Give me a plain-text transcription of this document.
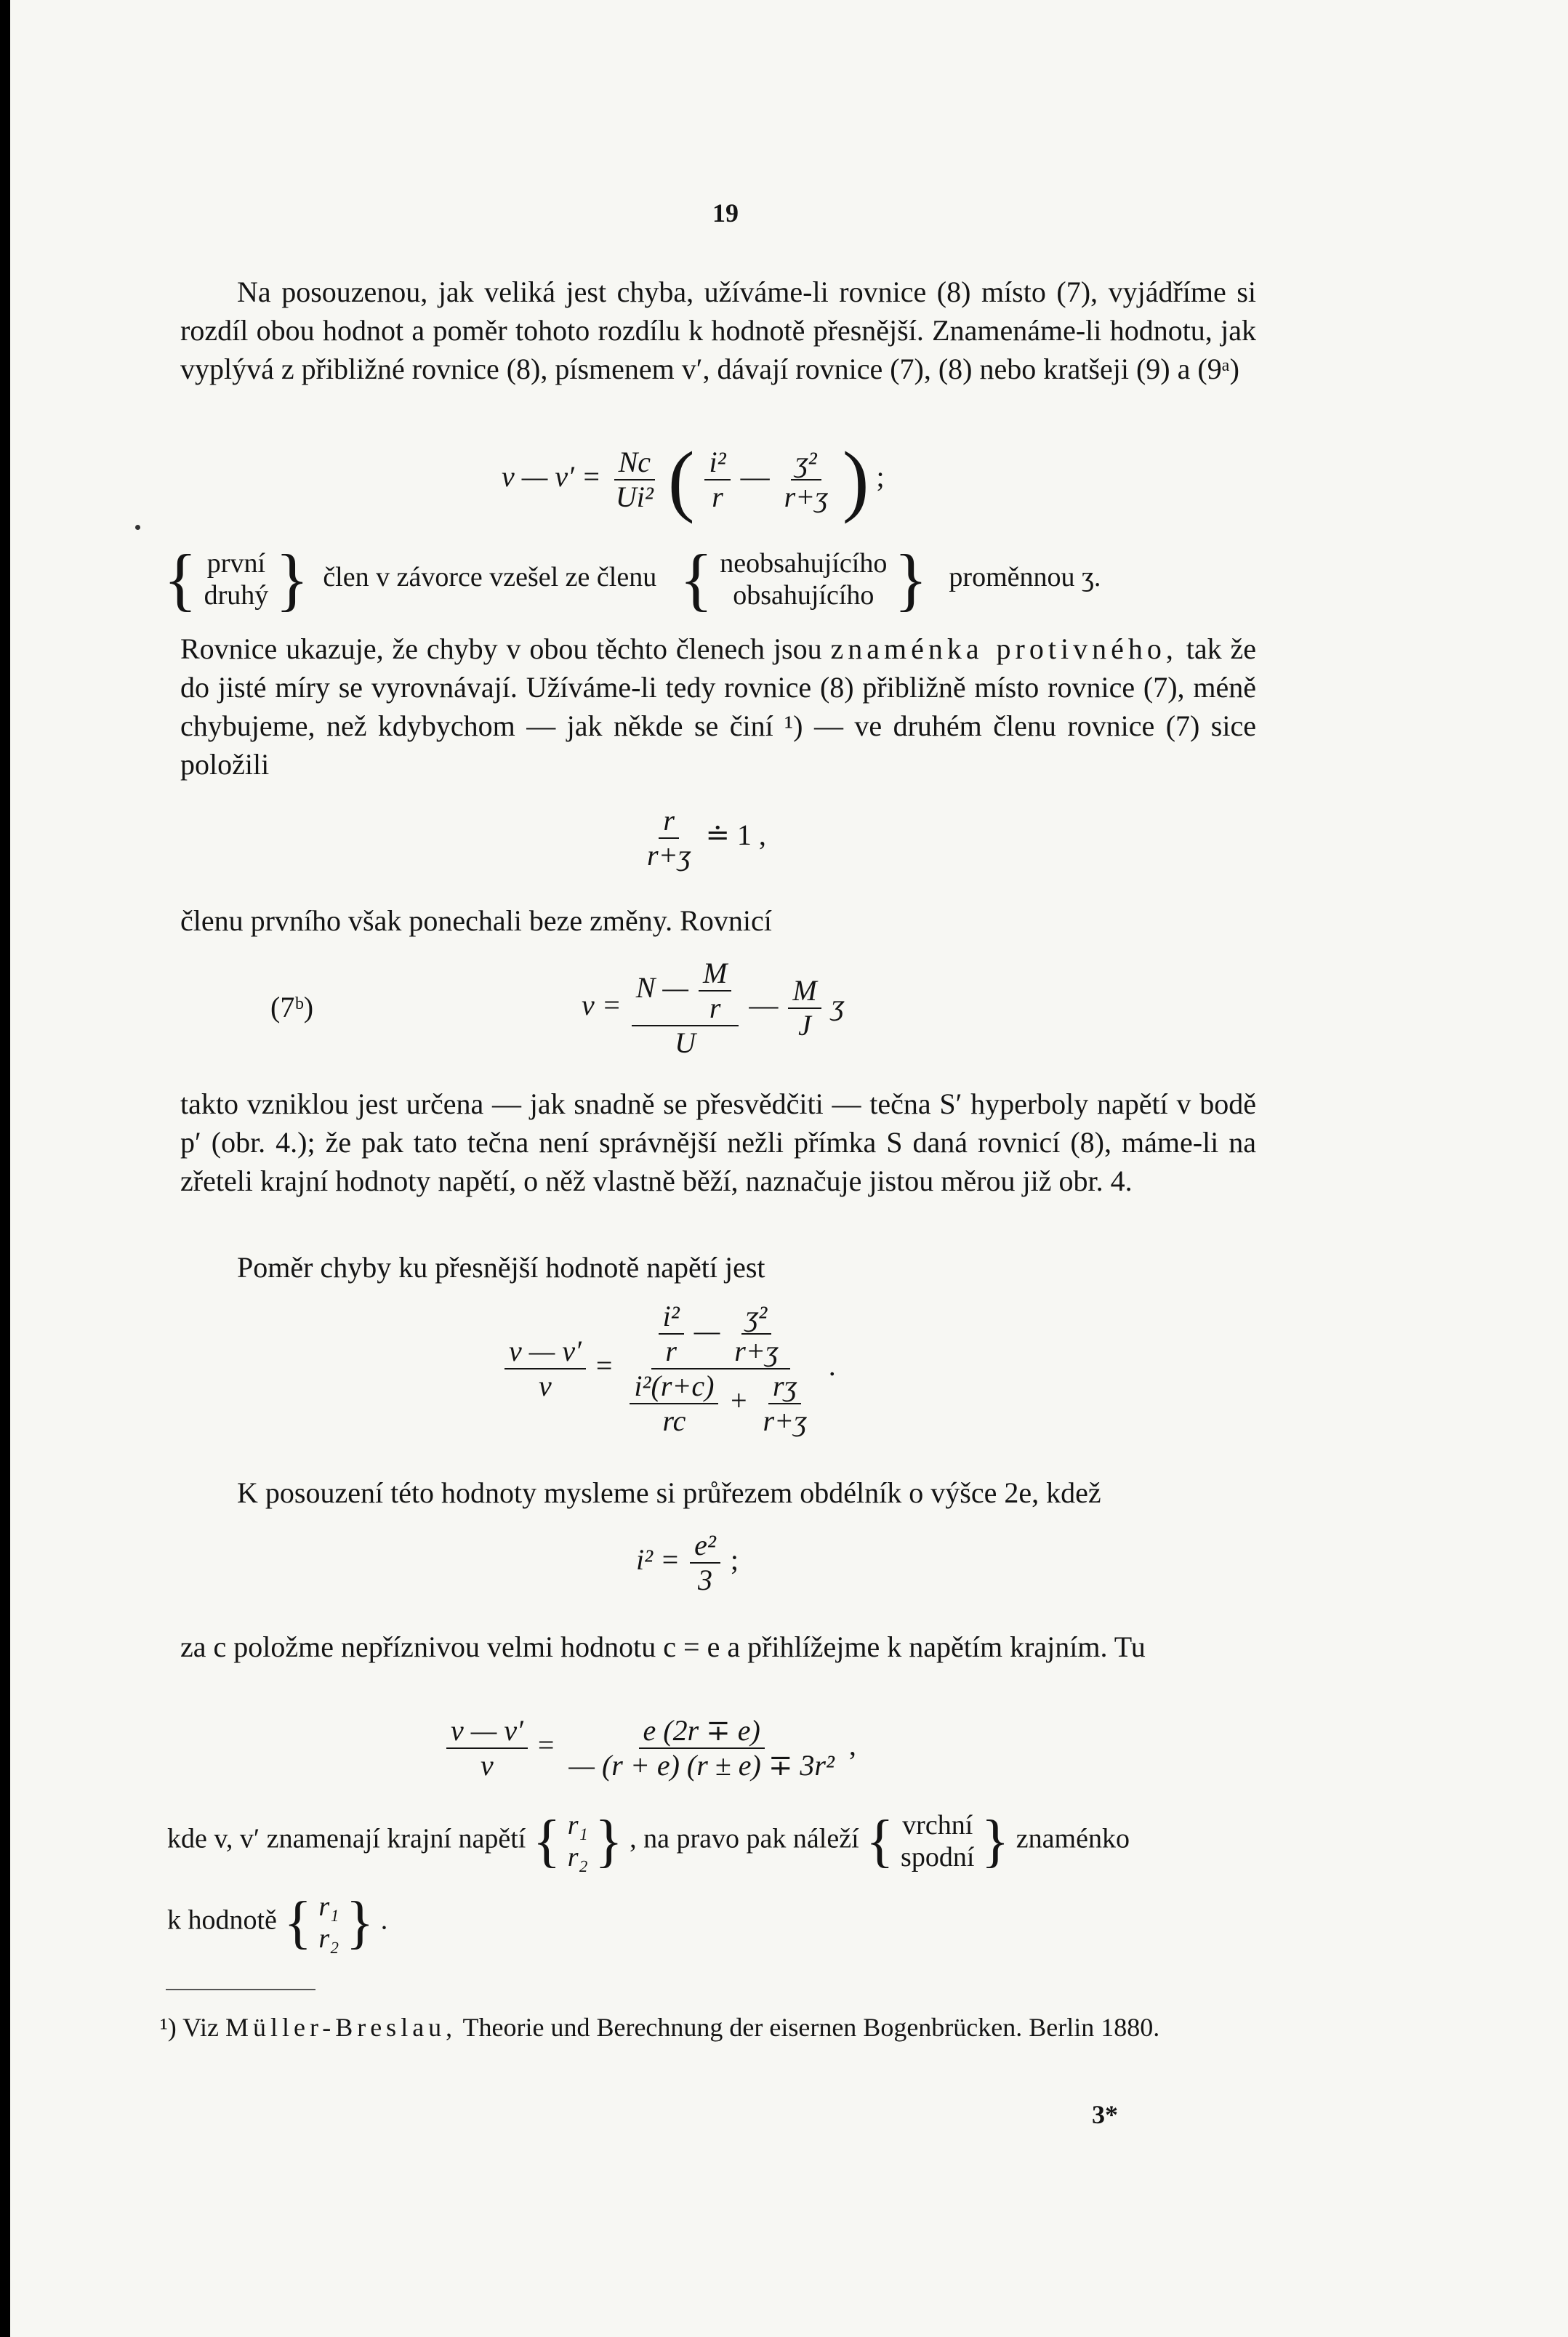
19
Na posouzenou, jak veliká jest chyba, užíváme-li rovnice (8) místo (7), vyjádříme si rozdíl obou hodnot a poměr tohoto rozdílu k hodnotě přesnější. Znamenáme-li hodnotu, jak vyplývá z přibližné rovnice (8), písmenem v′, dávají rovnice (7), (8) nebo kratšeji (9) a (9ᵃ)
v — $v' = \frac{Nc}{\text{Ui²}}$ ( $\frac{\text{i²}}{r}$ — $\frac{\text{ʒ²}}{\text{r+ʒ}}$ ) ;
{ první
druhý } člen v závorce vzešel ze členu { neobsahujícího
obsahujícího } proměnnou ʒ.
Rovnice ukazuje, že chyby v obou těchto členech jsou znaménka protivného, tak že do jisté míry se vyrovnávají. Užíváme-li tedy rovnice (8) přibližně místo rovnice (7), méně chybujeme, než kdybychom — jak někde se činí ¹) — ve druhém členu rovnice (7) sice položili
$\frac{r}{\text{r+ʒ}}$ ≐ 1 ,
členu prvního však ponechali beze změny. Rovnicí
(7ᵇ)	$v = \frac{N — \frac{M}{r}}{U}$ — $\frac{M}{J}$ ʒ
takto vzniklou jest určena — jak snadně se přesvědčiti — tečna S′ hyperboly napětí v bodě p′ (obr. 4.); že pak tato tečna není správnější nežli přímka S daná rovnicí (8), máme-li na zřeteli krajní hodnoty napětí, o něž vlastně běží, naznačuje jistou měrou již obr. 4.
Poměr chyby ku přesnější hodnotě napětí jest
$\frac{v — v'}{v} = \frac{\frac{\text{i²}}{r} — \frac{\text{ʒ²}}{\text{r+ʒ}}}{\frac{\text{i²(r+c)}}{rc} + \frac{\text{rʒ}}{\text{r+ʒ}}}$ .
K posouzení této hodnoty mysleme si průřezem obdélník o výšce 2e, kdež
$i^2 = \frac{\text{e²}}{3}$ ;
za c položme nepříznivou velmi hodnotu c = e a přihlížejme k napětím krajním. Tu
$\frac{v — v'}{v} = \frac{e (2r \mp e)}{\text{— (r + e) (r ± e) ∓ 3r²}}$ ,
kde v, v′ znamenají krajní napětí { r₁
r₂ } , na pravo pak náleží { vrchní
spodní } znaménko
k hodnotě { r₁
r₂ } .
¹) Viz Müller-Breslau, Theorie und Berechnung der eisernen Bogenbrücken. Berlin 1880.
3*
